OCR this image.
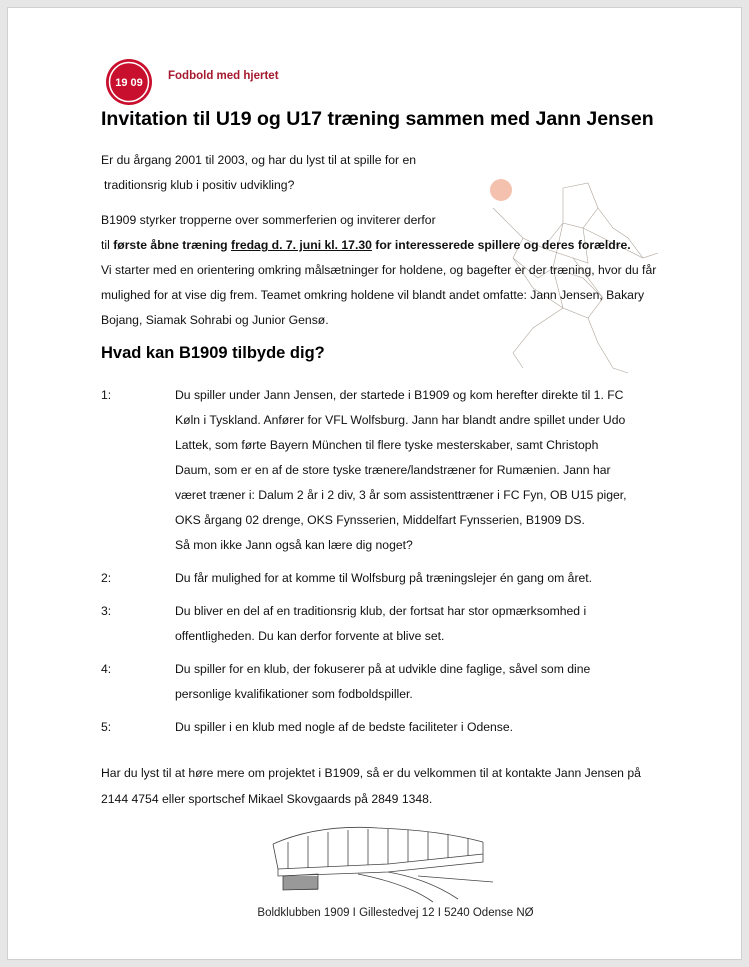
19 09
Fodbold med hjertet
Invitation til U19 og U17 træning sammen med Jann Jensen
Er du årgang 2001 til 2003, og har du lyst til at spille for en
traditionsrig klub i positiv udvikling?
B1909 styrker tropperne over sommerferien og inviterer derfor
til første åbne træning fredag d. 7. juni kl. 17.30 for interesserede spillere og deres forældre.
Vi starter med en orientering omkring målsætninger for holdene, og bagefter er der træning, hvor du får mulighed for at vise dig frem. Teamet omkring holdene vil blandt andet omfatte: Jann Jensen, Bakary Bojang, Siamak Sohrabi og Junior Gensø.
Hvad kan B1909 tilbyde dig?
1:	Du spiller under Jann Jensen, der startede i B1909 og kom herefter direkte til 1. FC Køln i Tyskland. Anfører for VFL Wolfsburg. Jann har blandt andre spillet under Udo Lattek, som førte Bayern München til flere tyske mesterskaber, samt Christoph Daum, som er en af de store tyske trænere/landstræner for Rumænien. Jann har været træner i: Dalum 2 år i 2 div, 3 år som assistenttræner i FC Fyn, OB U15 piger, OKS årgang 02 drenge, OKS Fynsserien, Middelfart Fynsserien, B1909 DS.
Så mon ikke Jann også kan lære dig noget?
2:	Du får mulighed for at komme til Wolfsburg på træningslejer én gang om året.
3:	Du bliver en del af en traditionsrig klub, der fortsat har stor opmærksomhed i offentligheden. Du kan derfor forvente at blive set.
4:	Du spiller for en klub, der fokuserer på at udvikle dine faglige, såvel som dine personlige kvalifikationer som fodboldspiller.
5:	Du spiller i en klub med nogle af de bedste faciliteter i Odense.
Har du lyst til at høre mere om projektet i B1909, så er du velkommen til at kontakte Jann Jensen på 2144 4754 eller sportschef Mikael Skovgaards på 2849 1348.
Boldklubben 1909 I Gillestedvej 12 I 5240 Odense NØ
